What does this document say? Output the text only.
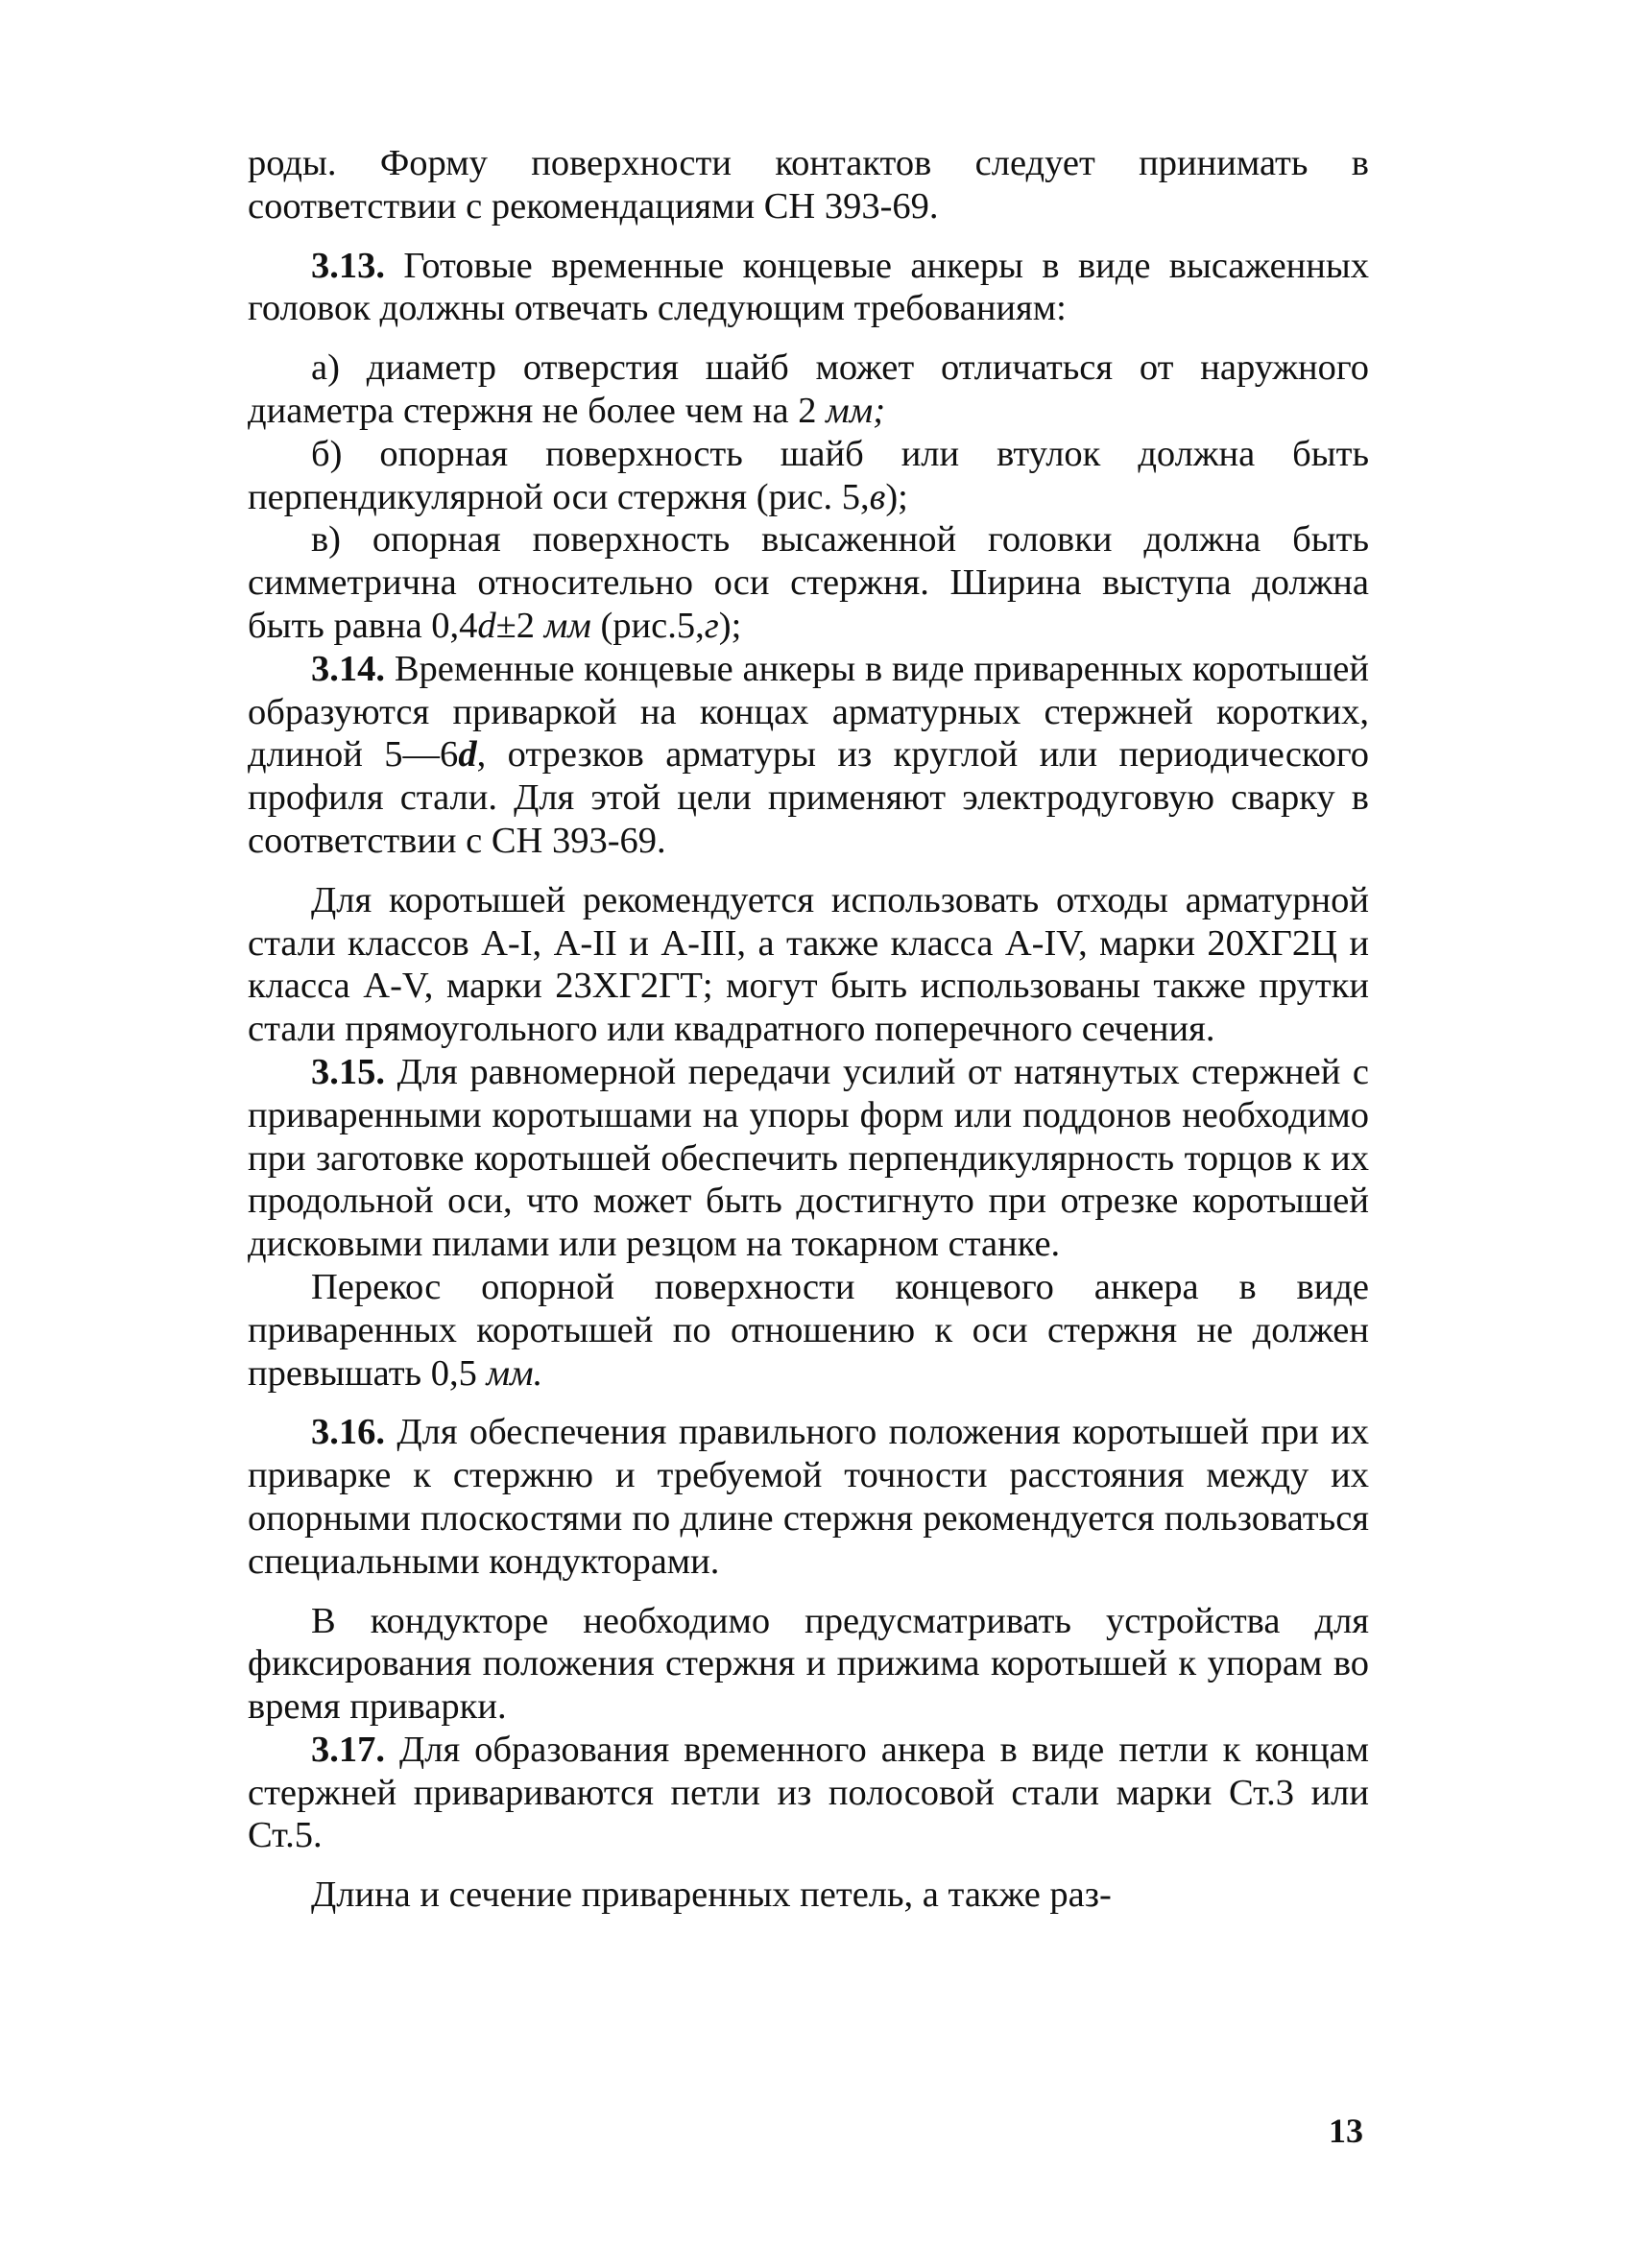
роды. Форму поверхности контактов следует принимать в соответствии с рекомендациями СН 393-69.

3.13. Готовые временные концевые анкеры в виде высаженных головок должны отвечать следующим требованиям:

а) диаметр отверстия шайб может отличаться от наружного диаметра стержня не более чем на 2 мм;

б) опорная поверхность шайб или втулок должна быть перпендикулярной оси стержня (рис. 5,в);

в) опорная поверхность высаженной головки должна быть симметрична относительно оси стержня. Ширина выступа должна быть равна 0,4d±2 мм (рис.5,г);

3.14. Временные концевые анкеры в виде приваренных коротышей образуются приваркой на концах арматурных стержней коротких, длиной 5—6d, отрезков арматуры из круглой или периодического профиля стали. Для этой цели применяют электродуговую сварку в соответствии с СН 393-69.

Для коротышей рекомендуется использовать отходы арматурной стали классов А-I, А-II и А-III, а также класса А-IV, марки 20ХГ2Ц и класса А-V, марки 23ХГ2ГТ; могут быть использованы также прутки стали прямоугольного или квадратного поперечного сечения.

3.15. Для равномерной передачи усилий от натянутых стержней с приваренными коротышами на упоры форм или поддонов необходимо при заготовке коротышей обеспечить перпендикулярность торцов к их продольной оси, что может быть достигнуто при отрезке коротышей дисковыми пилами или резцом на токарном станке.

Перекос опорной поверхности концевого анкера в виде приваренных коротышей по отношению к оси стержня не должен превышать 0,5 мм.

3.16. Для обеспечения правильного положения коротышей при их приварке к стержню и требуемой точности расстояния между их опорными плоскостями по длине стержня рекомендуется пользоваться специальными кондукторами.

В кондукторе необходимо предусматривать устройства для фиксирования положения стержня и прижима коротышей к упорам во время приварки.

3.17. Для образования временного анкера в виде петли к концам стержней привариваются петли из полосовой стали марки Ст.3 или Ст.5.

Длина и сечение приваренных петель, а также раз-

13
